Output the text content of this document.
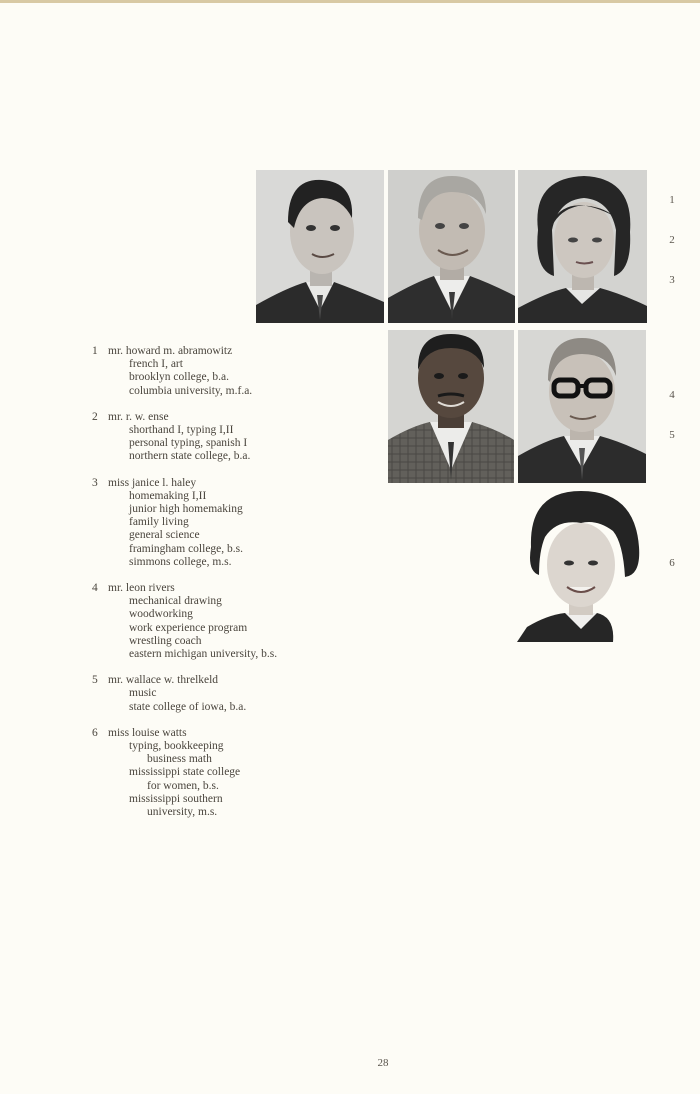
1
2
3
4
5
6
1 mr. howard m. abramowitz
french I, art
brooklyn college, b.a.
columbia university, m.f.a.
2 mr. r. w. ense
shorthand I, typing I,II
personal typing, spanish I
northern state college, b.a.
3 miss janice l. haley
homemaking I,II
junior high homemaking
family living
general science
framingham college, b.s.
simmons college, m.s.
4 mr. leon rivers
mechanical drawing
woodworking
work experience program
wrestling coach
eastern michigan university, b.s.
5 mr. wallace w. threlkeld
music
state college of iowa, b.a.
6 miss louise watts
typing, bookkeeping
business math
mississippi state college
for women, b.s.
mississippi southern
university, m.s.
28
